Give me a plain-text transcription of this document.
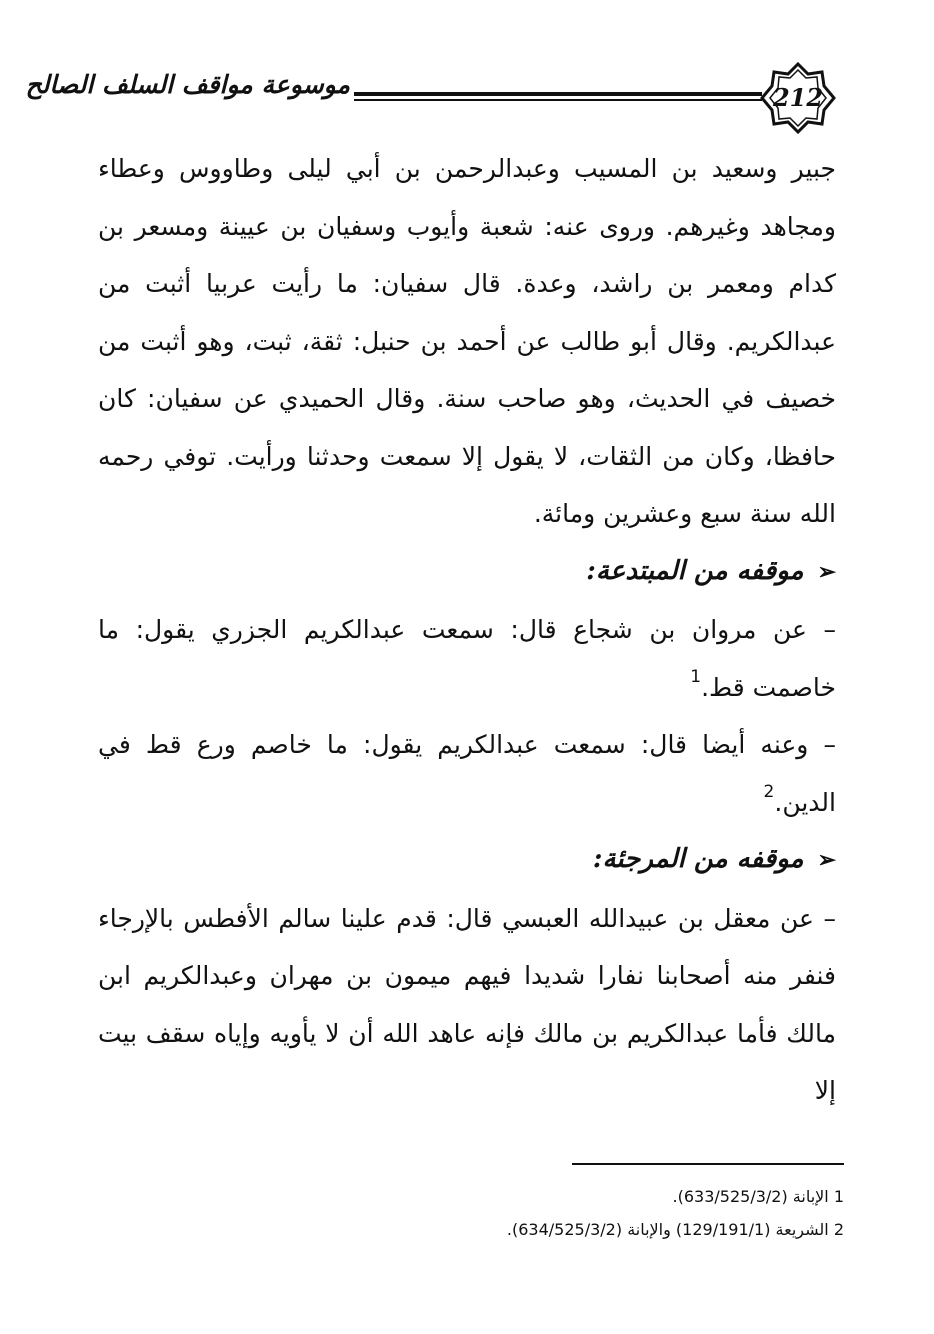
موسوعة مواقف السلف الصالح	212

جبير وسعيد بن المسيب وعبدالرحمن بن أبي ليلى وطاووس وعطاء ومجاهد وغيرهم. وروى عنه: شعبة وأيوب وسفيان بن عيينة ومسعر بن كدام ومعمر بن راشد، وعدة. قال سفيان: ما رأيت عربيا أثبت من عبدالكريم. وقال أبو طالب عن أحمد بن حنبل: ثقة، ثبت، وهو أثبت من خصيف في الحديث، وهو صاحب سنة. وقال الحميدي عن سفيان: كان حافظا، وكان من الثقات، لا يقول إلا سمعت وحدثنا ورأيت. توفي رحمه الله سنة سبع وعشرين ومائة.

➢موقفه من المبتدعة:

– عن مروان بن شجاع قال: سمعت عبدالكريم الجزري يقول: ما خاصمت قط.$^1$

– وعنه أيضا قال: سمعت عبدالكريم يقول: ما خاصم ورع قط في الدين.$^2$

➢موقفه من المرجئة:

– عن معقل بن عبيدالله العبسي قال: قدم علينا سالم الأفطس بالإرجاء فنفر منه أصحابنا نفارا شديدا فيهم ميمون بن مهران وعبدالكريم ابن مالك فأما عبدالكريم بن مالك فإنه عاهد الله أن لا يأويه وإياه سقف بيت إلا

1 الإبانة (633/525/3/2).

2 الشريعة (129/191/1) والإبانة (634/525/3/2).
